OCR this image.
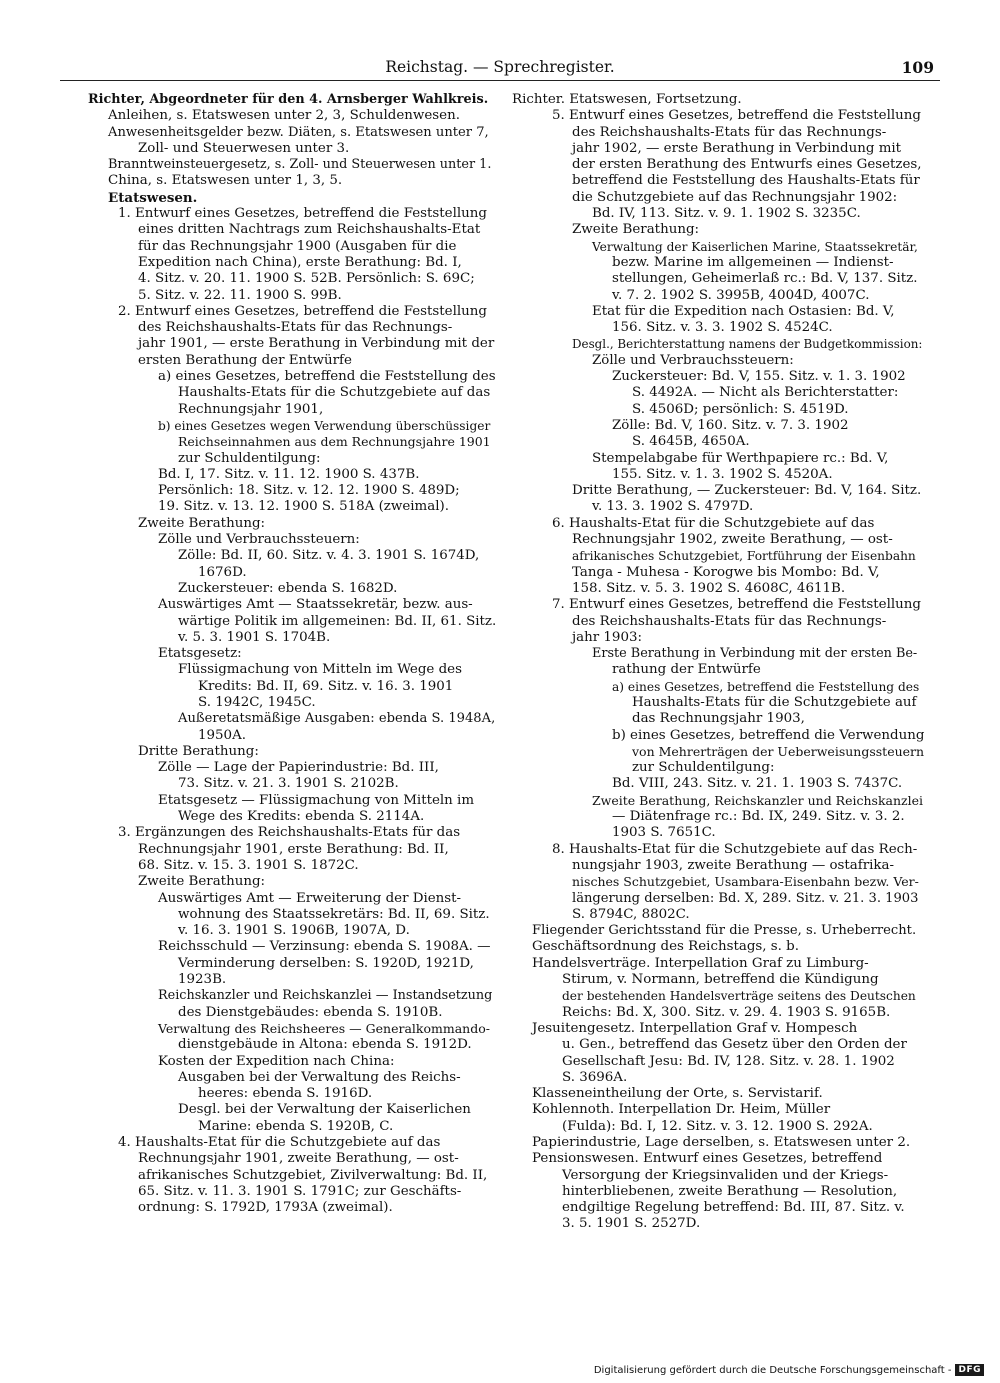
Reichstag. — Sprechregister.	109
Richter, Abgeordneter für den 4. Arnsberger Wahlkreis.
Anleihen, s. Etatswesen unter 2, 3, Schuldenwesen.
Anwesenheitsgelder bezw. Diäten, s. Etatswesen unter 7,
Zoll- und Steuerwesen unter 3.
Branntweinsteuergesetz, s. Zoll- und Steuerwesen unter 1.
China, s. Etatswesen unter 1, 3, 5.
Etatswesen.
1. Entwurf eines Gesetzes, betreffend die Feststellung
eines dritten Nachtrags zum Reichshaushalts-Etat
für das Rechnungsjahr 1900 (Ausgaben für die
Expedition nach China), erste Berathung: Bd. I,
4. Sitz. v. 20. 11. 1900 S. 52B. Persönlich: S. 69C;
5. Sitz. v. 22. 11. 1900 S. 99B.
2. Entwurf eines Gesetzes, betreffend die Feststellung
des Reichshaushalts-Etats für das Rechnungs-
jahr 1901, — erste Berathung in Verbindung mit der
ersten Berathung der Entwürfe
a) eines Gesetzes, betreffend die Feststellung des
Haushalts-Etats für die Schutzgebiete auf das
Rechnungsjahr 1901,
b) eines Gesetzes wegen Verwendung überschüssiger
Reichseinnahmen aus dem Rechnungsjahre 1901
zur Schuldentilgung:
Bd. I, 17. Sitz. v. 11. 12. 1900 S. 437B.
Persönlich: 18. Sitz. v. 12. 12. 1900 S. 489D;
19. Sitz. v. 13. 12. 1900 S. 518A (zweimal).
Zweite Berathung:
Zölle und Verbrauchssteuern:
Zölle: Bd. II, 60. Sitz. v. 4. 3. 1901 S. 1674D,
1676D.
Zuckersteuer: ebenda S. 1682D.
Auswärtiges Amt — Staatssekretär, bezw. aus-
wärtige Politik im allgemeinen: Bd. II, 61. Sitz.
v. 5. 3. 1901 S. 1704B.
Etatsgesetz:
Flüssigmachung von Mitteln im Wege des
Kredits: Bd. II, 69. Sitz. v. 16. 3. 1901
S. 1942C, 1945C.
Außeretatsmäßige Ausgaben: ebenda S. 1948A,
1950A.
Dritte Berathung:
Zölle — Lage der Papierindustrie: Bd. III,
73. Sitz. v. 21. 3. 1901 S. 2102B.
Etatsgesetz — Flüssigmachung von Mitteln im
Wege des Kredits: ebenda S. 2114A.
3. Ergänzungen des Reichshaushalts-Etats für das
Rechnungsjahr 1901, erste Berathung: Bd. II,
68. Sitz. v. 15. 3. 1901 S. 1872C.
Zweite Berathung:
Auswärtiges Amt — Erweiterung der Dienst-
wohnung des Staatssekretärs: Bd. II, 69. Sitz.
v. 16. 3. 1901 S. 1906B, 1907A, D.
Reichsschuld — Verzinsung: ebenda S. 1908A. —
Verminderung derselben: S. 1920D, 1921D,
1923B.
Reichskanzler und Reichskanzlei — Instandsetzung
des Dienstgebäudes: ebenda S. 1910B.
Verwaltung des Reichsheeres — Generalkommando-
dienstgebäude in Altona: ebenda S. 1912D.
Kosten der Expedition nach China:
Ausgaben bei der Verwaltung des Reichs-
heeres: ebenda S. 1916D.
Desgl. bei der Verwaltung der Kaiserlichen
Marine: ebenda S. 1920B, C.
4. Haushalts-Etat für die Schutzgebiete auf das
Rechnungsjahr 1901, zweite Berathung, — ost-
afrikanisches Schutzgebiet, Zivilverwaltung: Bd. II,
65. Sitz. v. 11. 3. 1901 S. 1791C; zur Geschäfts-
ordnung: S. 1792D, 1793A (zweimal).
Richter. Etatswesen, Fortsetzung.
5. Entwurf eines Gesetzes, betreffend die Feststellung
des Reichshaushalts-Etats für das Rechnungs-
jahr 1902, — erste Berathung in Verbindung mit
der ersten Berathung des Entwurfs eines Gesetzes,
betreffend die Feststellung des Haushalts-Etats für
die Schutzgebiete auf das Rechnungsjahr 1902:
Bd. IV, 113. Sitz. v. 9. 1. 1902 S. 3235C.
Zweite Berathung:
Verwaltung der Kaiserlichen Marine, Staatssekretär,
bezw. Marine im allgemeinen — Indienst-
stellungen, Geheimerlaß rc.: Bd. V, 137. Sitz.
v. 7. 2. 1902 S. 3995B, 4004D, 4007C.
Etat für die Expedition nach Ostasien: Bd. V,
156. Sitz. v. 3. 3. 1902 S. 4524C.
Desgl., Berichterstattung namens der Budgetkommission:
Zölle und Verbrauchssteuern:
Zuckersteuer: Bd. V, 155. Sitz. v. 1. 3. 1902
S. 4492A. — Nicht als Berichterstatter:
S. 4506D; persönlich: S. 4519D.
Zölle: Bd. V, 160. Sitz. v. 7. 3. 1902
S. 4645B, 4650A.
Stempelabgabe für Werthpapiere rc.: Bd. V,
155. Sitz. v. 1. 3. 1902 S. 4520A.
Dritte Berathung, — Zuckersteuer: Bd. V, 164. Sitz.
v. 13. 3. 1902 S. 4797D.
6. Haushalts-Etat für die Schutzgebiete auf das
Rechnungsjahr 1902, zweite Berathung, — ost-
afrikanisches Schutzgebiet, Fortführung der Eisenbahn
Tanga - Muhesa - Korogwe bis Mombo: Bd. V,
158. Sitz. v. 5. 3. 1902 S. 4608C, 4611B.
7. Entwurf eines Gesetzes, betreffend die Feststellung
des Reichshaushalts-Etats für das Rechnungs-
jahr 1903:
Erste Berathung in Verbindung mit der ersten Be-
rathung der Entwürfe
a) eines Gesetzes, betreffend die Feststellung des
Haushalts-Etats für die Schutzgebiete auf
das Rechnungsjahr 1903,
b) eines Gesetzes, betreffend die Verwendung
von Mehrerträgen der Ueberweisungssteuern
zur Schuldentilgung:
Bd. VIII, 243. Sitz. v. 21. 1. 1903 S. 7437C.
Zweite Berathung, Reichskanzler und Reichskanzlei
— Diätenfrage rc.: Bd. IX, 249. Sitz. v. 3. 2.
1903 S. 7651C.
8. Haushalts-Etat für die Schutzgebiete auf das Rech-
nungsjahr 1903, zweite Berathung — ostafrika-
nisches Schutzgebiet, Usambara-Eisenbahn bezw. Ver-
längerung derselben: Bd. X, 289. Sitz. v. 21. 3. 1903
S. 8794C, 8802C.
Fliegender Gerichtsstand für die Presse, s. Urheberrecht.
Geschäftsordnung des Reichstags, s. b.
Handelsverträge. Interpellation Graf zu Limburg-
Stirum, v. Normann, betreffend die Kündigung
der bestehenden Handelsverträge seitens des Deutschen
Reichs: Bd. X, 300. Sitz. v. 29. 4. 1903 S. 9165B.
Jesuitengesetz. Interpellation Graf v. Hompesch
u. Gen., betreffend das Gesetz über den Orden der
Gesellschaft Jesu: Bd. IV, 128. Sitz. v. 28. 1. 1902
S. 3696A.
Klasseneintheilung der Orte, s. Servistarif.
Kohlennoth. Interpellation Dr. Heim, Müller
(Fulda): Bd. I, 12. Sitz. v. 3. 12. 1900 S. 292A.
Papierindustrie, Lage derselben, s. Etatswesen unter 2.
Pensionswesen. Entwurf eines Gesetzes, betreffend
Versorgung der Kriegsinvaliden und der Kriegs-
hinterbliebenen, zweite Berathung — Resolution,
endgiltige Regelung betreffend: Bd. III, 87. Sitz. v.
3. 5. 1901 S. 2527D.
Digitalisierung gefördert durch die Deutsche Forschungsgemeinschaft - DFG
